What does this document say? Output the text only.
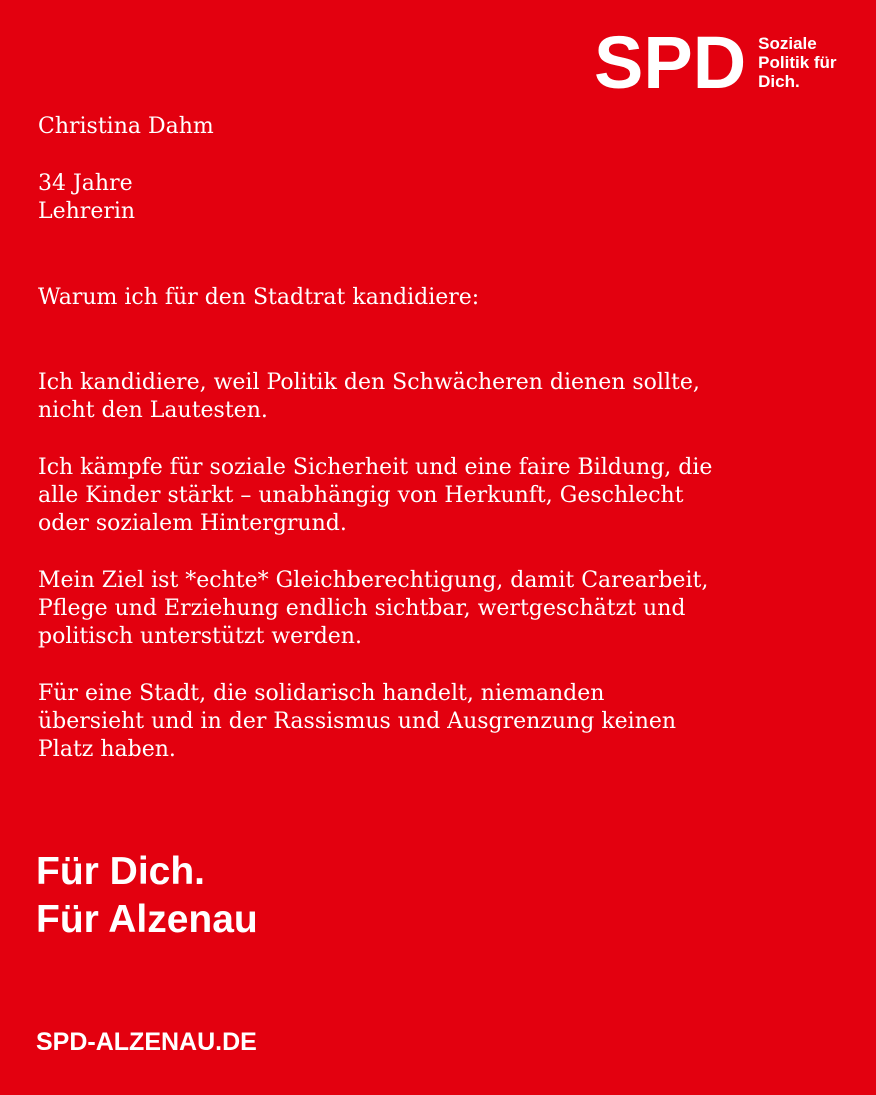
SPD Soziale
Politik für
Dich.
Christina Dahm
34 Jahre
Lehrerin
Warum ich für den Stadtrat kandidiere:
Ich kandidiere, weil Politik den Schwächeren dienen sollte,
nicht den Lautesten.
Ich kämpfe für soziale Sicherheit und eine faire Bildung, die
alle Kinder stärkt – unabhängig von Herkunft, Geschlecht
oder sozialem Hintergrund.
Mein Ziel ist *echte* Gleichberechtigung, damit Carearbeit,
Pflege und Erziehung endlich sichtbar, wertgeschätzt und
politisch unterstützt werden.
Für eine Stadt, die solidarisch handelt, niemanden
übersieht und in der Rassismus und Ausgrenzung keinen
Platz haben.
Für Dich.
Für Alzenau
SPD-ALZENAU.DE
